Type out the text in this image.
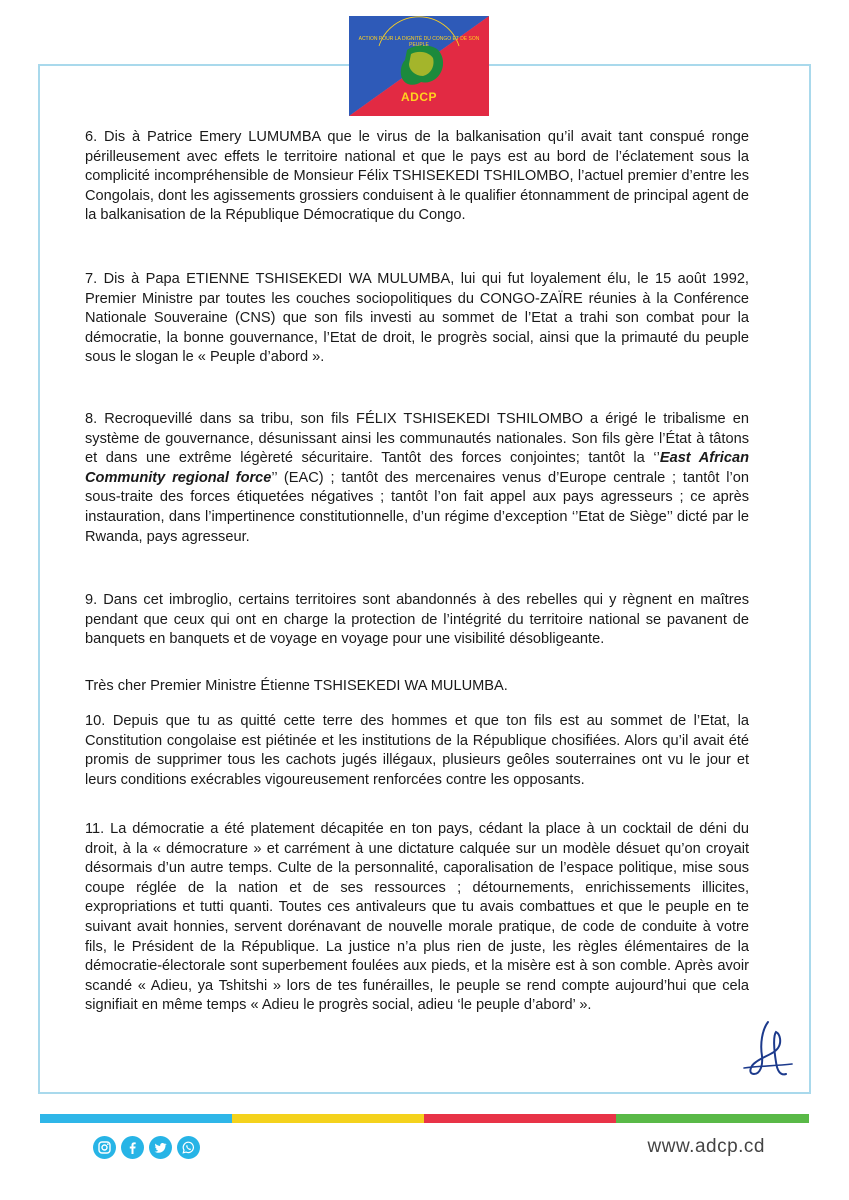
ACTION POUR LA DIGNITÉ DU CONGO ET DE SON PEUPLE
ADCP

6. Dis à Patrice Emery LUMUMBA que le virus de la balkanisation qu’il avait tant conspué ronge périlleusement avec effets le territoire national et que le pays est au bord de l’éclatement sous la complicité incompréhensible de Monsieur Félix TSHISEKEDI TSHILOMBO, l’actuel premier d’entre les Congolais, dont les agissements grossiers conduisent à le qualifier étonnamment de principal agent de la balkanisation de la République Démocratique du Congo.

7. Dis à Papa ETIENNE TSHISEKEDI WA MULUMBA, lui qui fut loyalement élu, le 15 août 1992, Premier Ministre par toutes les couches sociopolitiques du CONGO-ZAÏRE réunies à la Conférence Nationale Souveraine (CNS) que son fils investi au sommet de l’Etat a trahi son combat pour la démocratie, la bonne gouvernance, l’Etat de droit, le progrès social, ainsi que la primauté du peuple sous le slogan le « Peuple d’abord ».

8. Recroquevillé dans sa tribu, son fils FÉLIX TSHISEKEDI TSHILOMBO a érigé le tribalisme en système de gouvernance, désunissant ainsi les communautés nationales. Son fils gère l’État à tâtons et dans une extrême légèreté sécuritaire. Tantôt des forces conjointes; tantôt la ‘’East African Community regional force’’ (EAC) ; tantôt des mercenaires venus d’Europe centrale ; tantôt l’on sous-traite des forces étiquetées négatives ; tantôt l’on fait appel aux pays agresseurs ; ce après instauration, dans l’impertinence constitutionnelle, d’un régime d’exception ‘’Etat de Siège’’ dicté par le Rwanda, pays agresseur.

9. Dans cet imbroglio, certains territoires sont abandonnés à des rebelles qui y règnent en maîtres pendant que ceux qui ont en charge la protection de l’intégrité du territoire national se pavanent de banquets en banquets et de voyage en voyage pour une visibilité désobligeante.

Très cher Premier Ministre Étienne TSHISEKEDI WA MULUMBA.

10. Depuis que tu as quitté cette terre des hommes et que ton fils est au sommet de l’Etat, la Constitution congolaise est piétinée et les institutions de la République chosifiées. Alors qu’il avait été promis de supprimer tous les cachots jugés illégaux, plusieurs geôles souterraines ont vu le jour et leurs conditions exécrables vigoureusement renforcées contre les opposants.

11. La démocratie a été platement décapitée en ton pays, cédant la place à un cocktail de déni du droit, à la « démocrature » et carrément à une dictature calquée sur un modèle désuet qu’on croyait désormais d’un autre temps. Culte de la personnalité, caporalisation de l’espace politique, mise sous coupe réglée de la nation et de ses ressources ; détournements, enrichissements illicites, expropriations et tutti quanti. Toutes ces antivaleurs que tu avais combattues et que le peuple en te suivant avait honnies, servent dorénavant de nouvelle morale pratique, de code de conduite à votre fils, le Président de la République. La justice n’a plus rien de juste, les règles élémentaires de la démocratie-électorale sont superbement foulées aux pieds, et la misère est à son comble. Après avoir scandé « Adieu, ya Tshitshi » lors de tes funérailles, le peuple se rend compte aujourd’hui que cela signifiait en même temps « Adieu le progrès social, adieu ‘le peuple d’abord’ ».

www.adcp.cd
